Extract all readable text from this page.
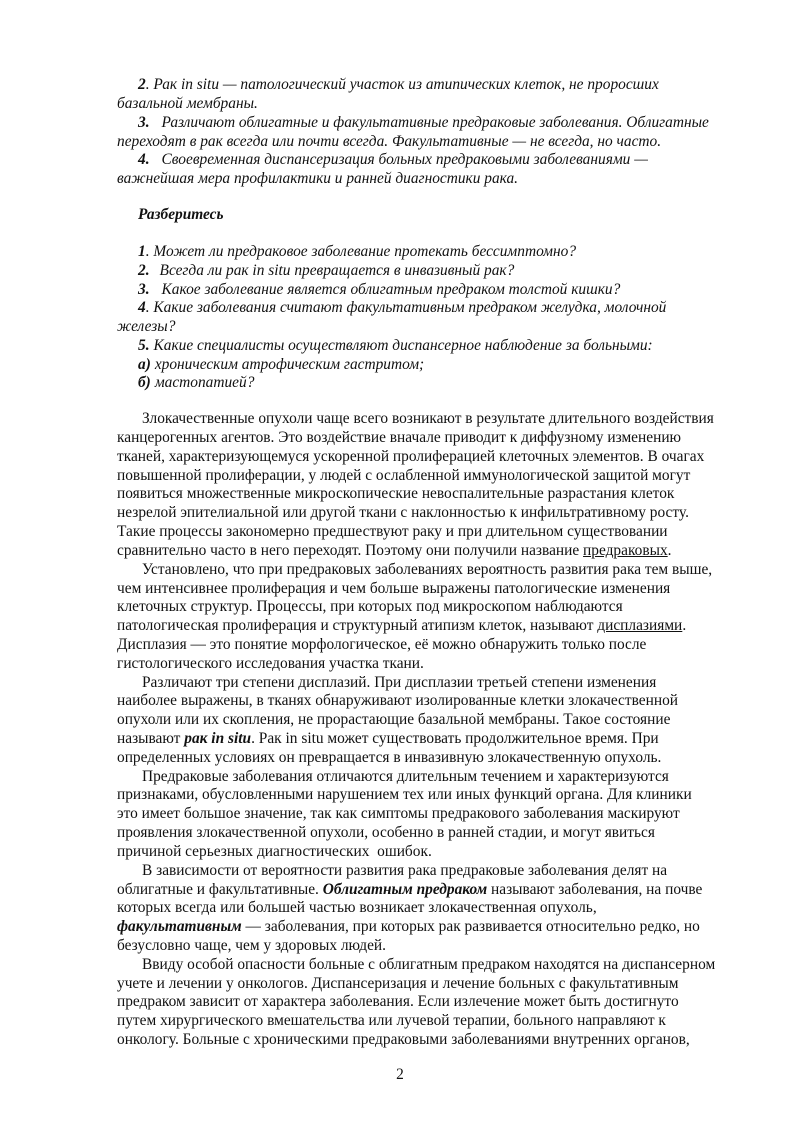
2. Рак in situ — патологический участок из атипических клеток, не проросших
базальной мембраны.
3. Различают облигатные и факультативные предраковые заболевания. Облигатные
переходят в рак всегда или почти всегда. Факультативные — не всегда, но часто.
4. Своевременная диспансеризация больных предраковыми заболеваниями —
важнейшая мера профилактики и ранней диагностики рака.
Разберитесь
1. Может ли предраковое заболевание протекать бессимптомно?
2. Всегда ли рак in situ превращается в инвазивный рак?
3. Какое заболевание является облигатным предраком толстой кишки?
4. Какие заболевания считают факультативным предраком желудка, молочной
железы?
5. Какие специалисты осуществляют диспансерное наблюдение за больными:
а) хроническим атрофическим гастритом;
б) мастопатией?
Злокачественные опухоли чаще всего возникают в результате длительного воздействия
канцерогенных агентов. Это воздействие вначале приводит к диффузному изменению
тканей, характеризующемуся ускоренной пролиферацией клеточных элементов. В очагах
повышенной пролиферации, у людей с ослабленной иммунологической защитой могут
появиться множественные микроскопические невоспалительные разрастания клеток
незрелой эпителиальной или другой ткани с наклонностью к инфильтративному росту.
Такие процессы закономерно предшествуют раку и при длительном существовании
сравнительно часто в него переходят. Поэтому они получили название предраковых.
Установлено, что при предраковых заболеваниях вероятность развития рака тем выше,
чем интенсивнее пролиферация и чем больше выражены патологические изменения
клеточных структур. Процессы, при которых под микроскопом наблюдаются
патологическая пролиферация и структурный атипизм клеток, называют дисплазиями.
Дисплазия — это понятие морфологическое, её можно обнаружить только после
гистологического исследования участка ткани.
Различают три степени дисплазий. При дисплазии третьей степени изменения
наиболее выражены, в тканях обнаруживают изолированные клетки злокачественной
опухоли или их скопления, не прорастающие базальной мембраны. Такое состояние
называют рак in situ. Рак in situ может существовать продолжительное время. При
определенных условиях он превращается в инвазивную злокачественную опухоль.
Предраковые заболевания отличаются длительным течением и характеризуются
признаками, обусловленными нарушением тех или иных функций органа. Для клиники
это имеет большое значение, так как симптомы предракового заболевания маскируют
проявления злокачественной опухоли, особенно в ранней стадии, и могут явиться
причиной серьезных диагностических  ошибок.
В зависимости от вероятности развития рака предраковые заболевания делят на
облигатные и факультативные. Облигатным предраком называют заболевания, на почве
которых всегда или большей частью возникает злокачественная опухоль,
факультативным — заболевания, при которых рак развивается относительно редко, но
безусловно чаще, чем у здоровых людей.
Ввиду особой опасности больные с облигатным предраком находятся на диспансерном
учете и лечении у онкологов. Диспансеризация и лечение больных с факультативным
предраком зависит от характера заболевания. Если излечение может быть достигнуто
путем хирургического вмешательства или лучевой терапии, больного направляют к
онкологу. Больные с хроническими предраковыми заболеваниями внутренних органов,
2
